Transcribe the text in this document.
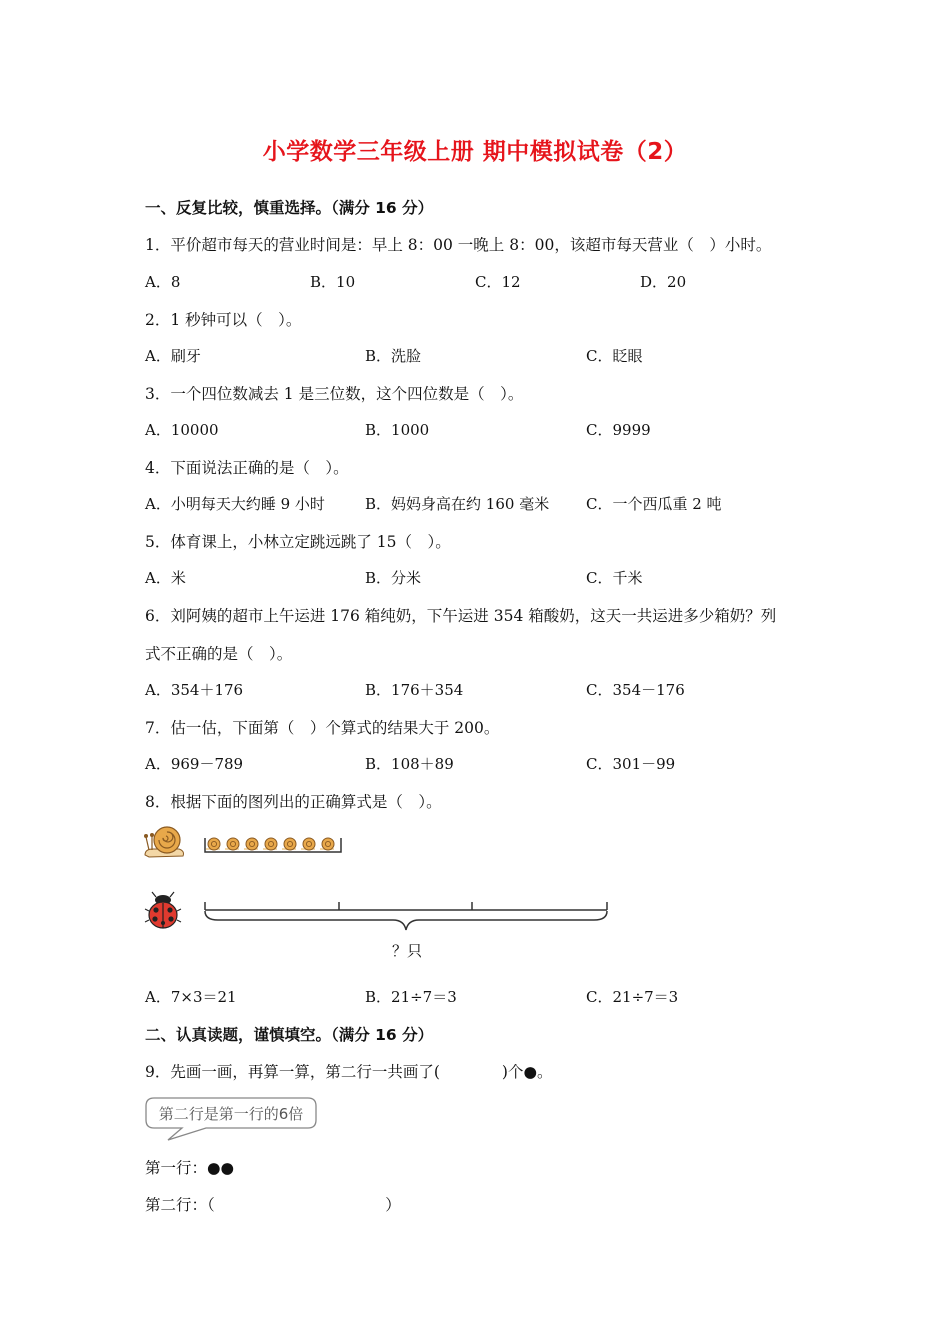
小学数学三年级上册 期中模拟试卷（2）
一、反复比较，慎重选择。（满分 16 分）
1．平价超市每天的营业时间是：早上 8：00 一晚上 8：00，该超市每天营业（　）小时。
A．8	B．10	C．12	D．20
2．1 秒钟可以（　）。
A．刷牙	B．洗脸	C．眨眼
3．一个四位数减去 1 是三位数，这个四位数是（　）。
A．10000	B．1000	C．9999
4．下面说法正确的是（　）。
A．小明每天大约睡 9 小时	B．妈妈身高在约 160 毫米 C．一个西瓜重 2 吨
5．体育课上，小林立定跳远跳了 15（　）。
A．米	B．分米	C．千米
6．刘阿姨的超市上午运进 176 箱纯奶，下午运进 354 箱酸奶，这天一共运进多少箱奶？列
式不正确的是（　）。
A．354＋176	B．176＋354	C．354－176
7．估一估，下面第（　）个算式的结果大于 200。
A．969－789	B．108＋89	C．301－99
8．根据下面的图列出的正确算式是（　）。
？只
A．7×3＝21	B．21÷7＝3	C．21÷7＝3
二、认真读题，谨慎填空。（满分 16 分）
9．先画一画，再算一算，第二行一共画了(　　　　)个●。
第二行是第一行的6倍
第一行：●●
第二行：（　　　　　　　　　　　）
